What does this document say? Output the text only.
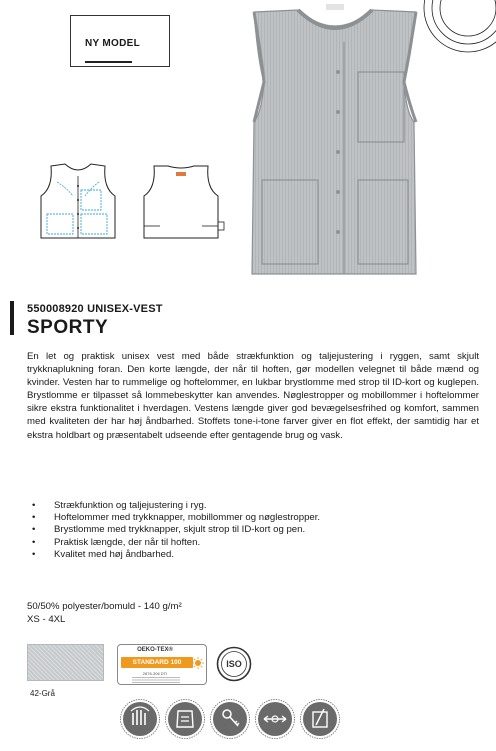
NY MODEL
550008920 UNISEX-VEST
SPORTY

En let og praktisk unisex vest med både strækfunktion og taljejustering i ryggen, samt skjult trykknaplukning foran. Den korte længde, der når til hoften, gør modellen velegnet til både mænd og kvinder. Vesten har to rummelige og hoftelommer, en lukbar brystlomme med strop til ID-kort og kuglepen. Brystlomme er tilpasset så lommebeskytter kan anvendes. Nøglestropper og mobillommer i hoftelommer sikre ekstra funktionalitet i hverdagen. Vestens længde giver god bevægelsesfrihed og komfort, sammen med kvaliteten der har høj åndbarhed. Stoffets tone-i-tone farver giver en flot effekt, der samtidig har et ekstra holdbart og præsentabelt udseende efter gentagende brug og vask.

•	Strækfunktion og taljejustering i ryg.
•	Hoftelommer med trykknapper, mobillommer og nøglestropper.
•	Brystlomme med trykknapper, skjult strop til ID-kort og pen.
•	Praktisk længde, der når til hoften.
•	Kvalitet med høj åndbarhed.
50/50% polyester/bomuld - 140 g/m²
XS - 4XL
42-Grå
OEKO-TEX®
STANDARD 100
2876-306 DTI
ISO
